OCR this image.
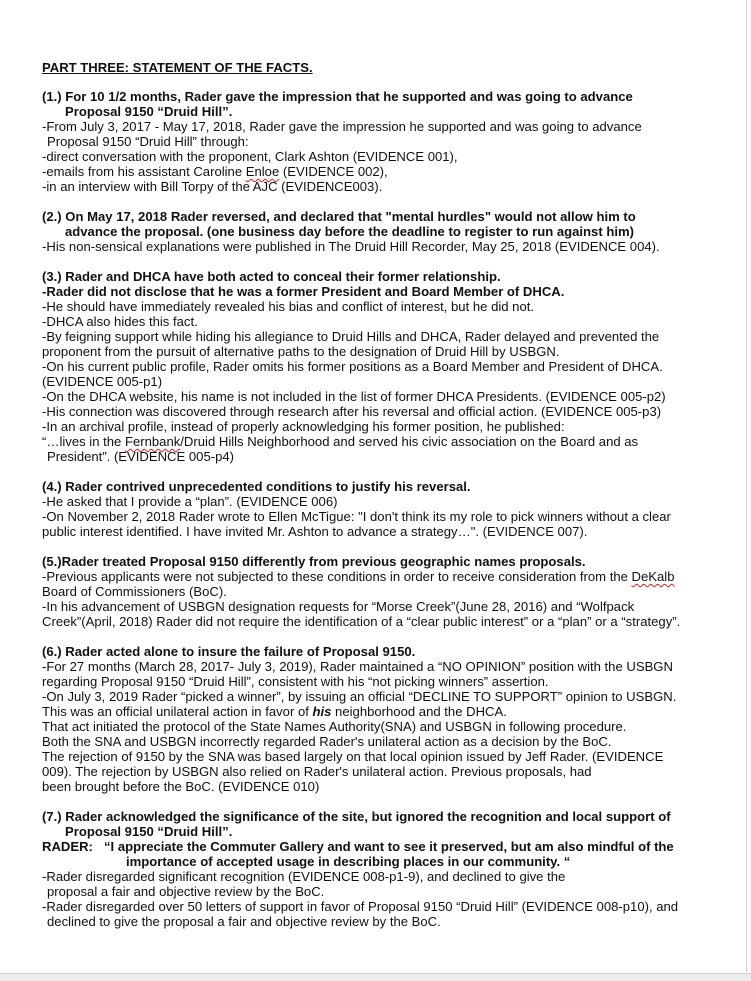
PART THREE: STATEMENT OF THE FACTS.
(1.) For 10 1/2 months, Rader gave the impression that he supported and was going to advance
Proposal 9150 “Druid Hill”.
-From July 3, 2017 - May 17, 2018, Rader gave the impression he supported and was going to advance
Proposal 9150 “Druid Hill” through:
-direct conversation with the proponent, Clark Ashton (EVIDENCE 001),
-emails from his assistant Caroline Enloe (EVIDENCE 002),
-in an interview with Bill Torpy of the AJC (EVIDENCE003).
(2.) On May 17, 2018 Rader reversed, and declared that "mental hurdles" would not allow him to
advance the proposal. (one business day before the deadline to register to run against him)
-His non-sensical explanations were published in The Druid Hill Recorder, May 25, 2018 (EVIDENCE 004).
(3.) Rader and DHCA have both acted to conceal their former relationship.
-Rader did not disclose that he was a former President and Board Member of DHCA.
-He should have immediately revealed his bias and conflict of interest, but he did not.
-DHCA also hides this fact.
-By feigning support while hiding his allegiance to Druid Hills and DHCA, Rader delayed and prevented the
proponent from the pursuit of alternative paths to the designation of Druid Hill by USBGN.
-On his current public profile, Rader omits his former positions as a Board Member and President of DHCA.
(EVIDENCE 005-p1)
-On the DHCA website, his name is not included in the list of former DHCA Presidents. (EVIDENCE 005-p2)
-His connection was discovered through research after his reversal and official action. (EVIDENCE 005-p3)
-In an archival profile, instead of properly acknowledging his former position, he published:
“…lives in the Fernbank/Druid Hills Neighborhood and served his civic association on the Board and as
President”. (EVIDENCE 005-p4)
(4.) Rader contrived unprecedented conditions to justify his reversal.
-He asked that I provide a “plan”. (EVIDENCE 006)
-On November 2, 2018 Rader wrote to Ellen McTigue: "I don't think its my role to pick winners without a clear
public interest identified. I have invited Mr. Ashton to advance a strategy…". (EVIDENCE 007).
(5.)Rader treated Proposal 9150 differently from previous geographic names proposals.
-Previous applicants were not subjected to these conditions in order to receive consideration from the DeKalb
Board of Commissioners (BoC).
-In his advancement of USBGN designation requests for “Morse Creek”(June 28, 2016) and “Wolfpack
Creek”(April, 2018) Rader did not require the identification of a “clear public interest” or a “plan” or a “strategy”.
(6.) Rader acted alone to insure the failure of Proposal 9150.
-For 27 months (March 28, 2017- July 3, 2019), Rader maintained a “NO OPINION” position with the USBGN
regarding Proposal 9150 “Druid Hill”, consistent with his “not picking winners” assertion.
-On July 3, 2019 Rader “picked a winner”, by issuing an official “DECLINE TO SUPPORT” opinion to USBGN.
This was an official unilateral action in favor of his neighborhood and the DHCA.
That act initiated the protocol of the State Names Authority(SNA) and USBGN in following procedure.
Both the SNA and USBGN incorrectly regarded Rader's unilateral action as a decision by the BoC.
The rejection of 9150 by the SNA was based largely on that local opinion issued by Jeff Rader. (EVIDENCE
009). The rejection by USBGN also relied on Rader's unilateral action. Previous proposals, had
been brought before the BoC. (EVIDENCE 010)
(7.) Rader acknowledged the significance of the site, but ignored the recognition and local support of
Proposal 9150 “Druid Hill”.
RADER: “I appreciate the Commuter Gallery and want to see it preserved, but am also mindful of the
importance of accepted usage in describing places in our community. “
-Rader disregarded significant recognition (EVIDENCE 008-p1-9), and declined to give the
proposal a fair and objective review by the BoC.
-Rader disregarded over 50 letters of support in favor of Proposal 9150 “Druid Hill” (EVIDENCE 008-p10), and
declined to give the proposal a fair and objective review by the BoC.
